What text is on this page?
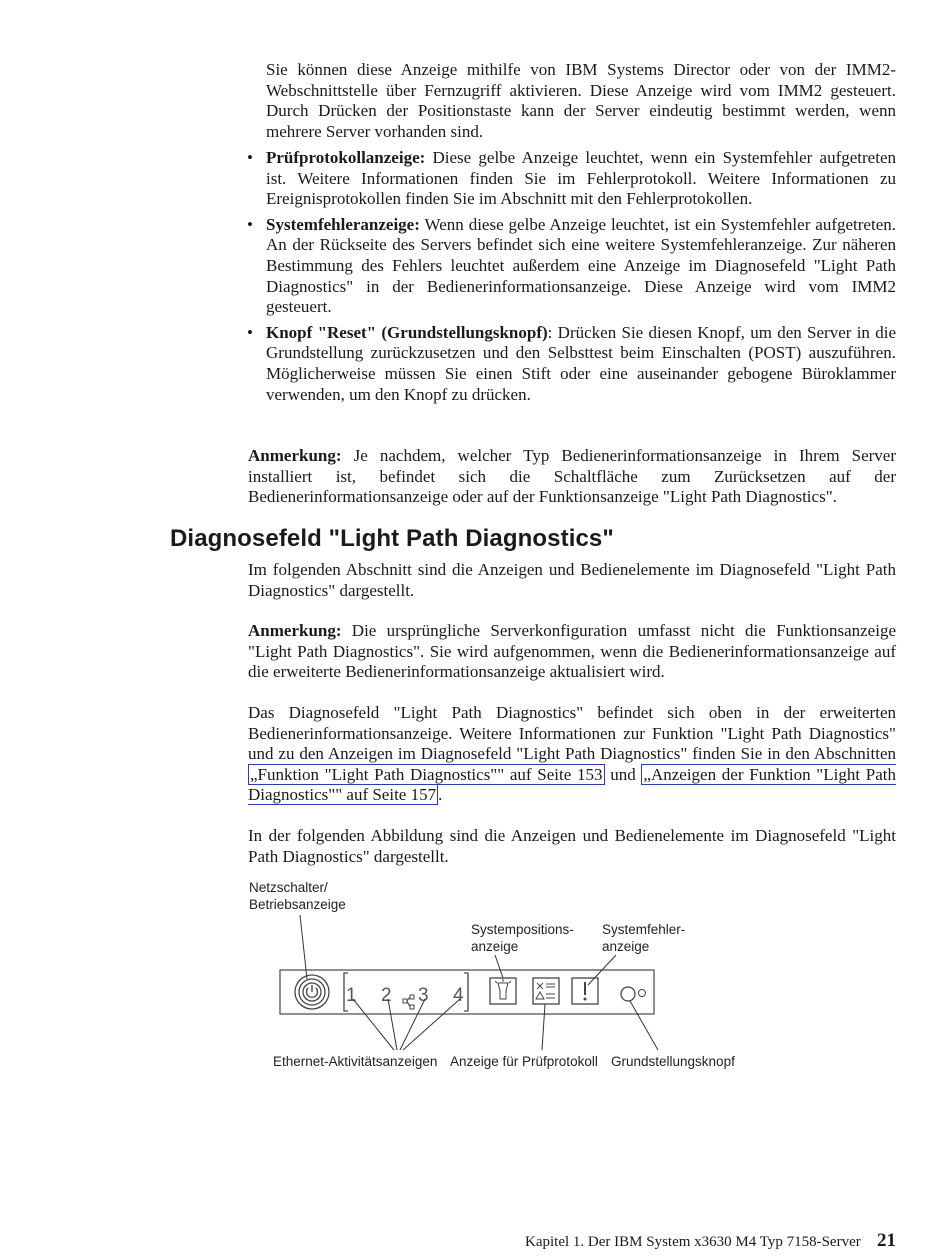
Sie können diese Anzeige mithilfe von IBM Systems Director oder von der IMM2-Webschnittstelle über Fernzugriff aktivieren. Diese Anzeige wird vom IMM2 gesteuert. Durch Drücken der Positionstaste kann der Server eindeutig bestimmt werden, wenn mehrere Server vorhanden sind.

• Prüfprotokollanzeige: Diese gelbe Anzeige leuchtet, wenn ein Systemfehler aufgetreten ist. Weitere Informationen finden Sie im Fehlerprotokoll. Weitere Informationen zu Ereignisprotokollen finden Sie im Abschnitt mit den Fehlerprotokollen.
• Systemfehleranzeige: Wenn diese gelbe Anzeige leuchtet, ist ein Systemfehler aufgetreten. An der Rückseite des Servers befindet sich eine weitere Systemfehleranzeige. Zur näheren Bestimmung des Fehlers leuchtet außerdem eine Anzeige im Diagnosefeld "Light Path Diagnostics" in der Bedienerinformationsanzeige. Diese Anzeige wird vom IMM2 gesteuert.
• Knopf "Reset" (Grundstellungsknopf): Drücken Sie diesen Knopf, um den Server in die Grundstellung zurückzusetzen und den Selbsttest beim Einschalten (POST) auszuführen. Möglicherweise müssen Sie einen Stift oder eine auseinander gebogene Büroklammer verwenden, um den Knopf zu drücken.

Anmerkung: Je nachdem, welcher Typ Bedienerinformationsanzeige in Ihrem Server installiert ist, befindet sich die Schaltfläche zum Zurücksetzen auf der Bedienerinformationsanzeige oder auf der Funktionsanzeige "Light Path Diagnostics".

Diagnosefeld "Light Path Diagnostics"

Im folgenden Abschnitt sind die Anzeigen und Bedienelemente im Diagnosefeld "Light Path Diagnostics" dargestellt.

Anmerkung: Die ursprüngliche Serverkonfiguration umfasst nicht die Funktionsanzeige "Light Path Diagnostics". Sie wird aufgenommen, wenn die Bedienerinformationsanzeige auf die erweiterte Bedienerinformationsanzeige aktualisiert wird.

Das Diagnosefeld "Light Path Diagnostics" befindet sich oben in der erweiterten Bedienerinformationsanzeige. Weitere Informationen zur Funktion "Light Path Diagnostics" und zu den Anzeigen im Diagnosefeld "Light Path Diagnostics" finden Sie in den Abschnitten „Funktion "Light Path Diagnostics"" auf Seite 153 und „Anzeigen der Funktion "Light Path Diagnostics"" auf Seite 157 .

In der folgenden Abbildung sind die Anzeigen und Bedienelemente im Diagnosefeld "Light Path Diagnostics" dargestellt.

Netzschalter/
Betriebsanzeige
Systempositions-
anzeige
Systemfehler-
anzeige
Ethernet-Aktivitätsanzeigen Anzeige für Prüfprotokoll Grundstellungsknopf
1 2 3 4
Kapitel 1. Der IBM System x3630 M4 Typ 7158-Server 21
